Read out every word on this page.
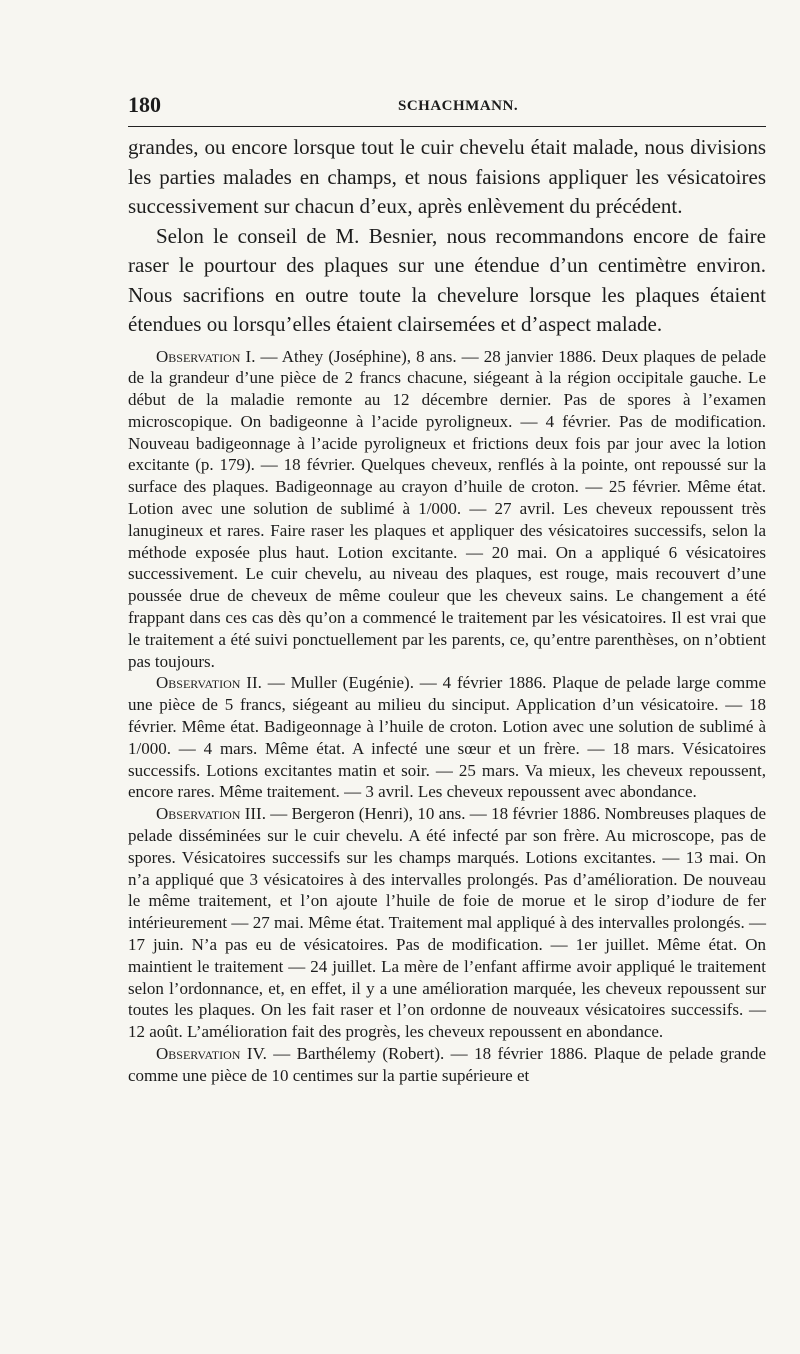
180	SCHACHMANN.

grandes, ou encore lorsque tout le cuir chevelu était malade, nous divisions les parties malades en champs, et nous faisions appliquer les vésicatoires successivement sur chacun d’eux, après enlèvement du précédent.

Selon le conseil de M. Besnier, nous recommandons encore de faire raser le pourtour des plaques sur une étendue d’un centimètre environ. Nous sacrifions en outre toute la chevelure lorsque les plaques étaient étendues ou lorsqu’elles étaient clairsemées et d’aspect malade.

Observation I. — Athey (Joséphine), 8 ans. — 28 janvier 1886. Deux plaques de pelade de la grandeur d’une pièce de 2 francs chacune, siégeant à la région occipitale gauche. Le début de la maladie remonte au 12 décembre dernier. Pas de spores à l’examen microscopique. On badigeonne à l’acide pyroligneux. — 4 février. Pas de modification. Nouveau badigeonnage à l’acide pyroligneux et frictions deux fois par jour avec la lotion excitante (p. 179). — 18 février. Quelques cheveux, renflés à la pointe, ont repoussé sur la surface des plaques. Badigeonnage au crayon d’huile de croton. — 25 février. Même état. Lotion avec une solution de sublimé à 1/000. — 27 avril. Les cheveux repoussent très lanugineux et rares. Faire raser les plaques et appliquer des vésicatoires successifs, selon la méthode exposée plus haut. Lotion excitante. — 20 mai. On a appliqué 6 vésicatoires successivement. Le cuir chevelu, au niveau des plaques, est rouge, mais recouvert d’une poussée drue de cheveux de même couleur que les cheveux sains. Le changement a été frappant dans ces cas dès qu’on a commencé le traitement par les vésicatoires. Il est vrai que le traitement a été suivi ponctuellement par les parents, ce, qu’entre parenthèses, on n’obtient pas toujours.

Observation II. — Muller (Eugénie). — 4 février 1886. Plaque de pelade large comme une pièce de 5 francs, siégeant au milieu du sinciput. Application d’un vésicatoire. — 18 février. Même état. Badigeonnage à l’huile de croton. Lotion avec une solution de sublimé à 1/000. — 4 mars. Même état. A infecté une sœur et un frère. — 18 mars. Vésicatoires successifs. Lotions excitantes matin et soir. — 25 mars. Va mieux, les cheveux repoussent, encore rares. Même traitement. — 3 avril. Les cheveux repoussent avec abondance.

Observation III. — Bergeron (Henri), 10 ans. — 18 février 1886. Nombreuses plaques de pelade disséminées sur le cuir chevelu. A été infecté par son frère. Au microscope, pas de spores. Vésicatoires successifs sur les champs marqués. Lotions excitantes. — 13 mai. On n’a appliqué que 3 vésicatoires à des intervalles prolongés. Pas d’amélioration. De nouveau le même traitement, et l’on ajoute l’huile de foie de morue et le sirop d’iodure de fer intérieurement — 27 mai. Même état. Traitement mal appliqué à des intervalles prolongés. — 17 juin. N’a pas eu de vésicatoires. Pas de modification. — 1er juillet. Même état. On maintient le traitement — 24 juillet. La mère de l’enfant affirme avoir appliqué le traitement selon l’ordonnance, et, en effet, il y a une amélioration marquée, les cheveux repoussent sur toutes les plaques. On les fait raser et l’on ordonne de nouveaux vésicatoires successifs. — 12 août. L’amélioration fait des progrès, les cheveux repoussent en abondance.

Observation IV. — Barthélemy (Robert). — 18 février 1886. Plaque de pelade grande comme une pièce de 10 centimes sur la partie supérieure et
